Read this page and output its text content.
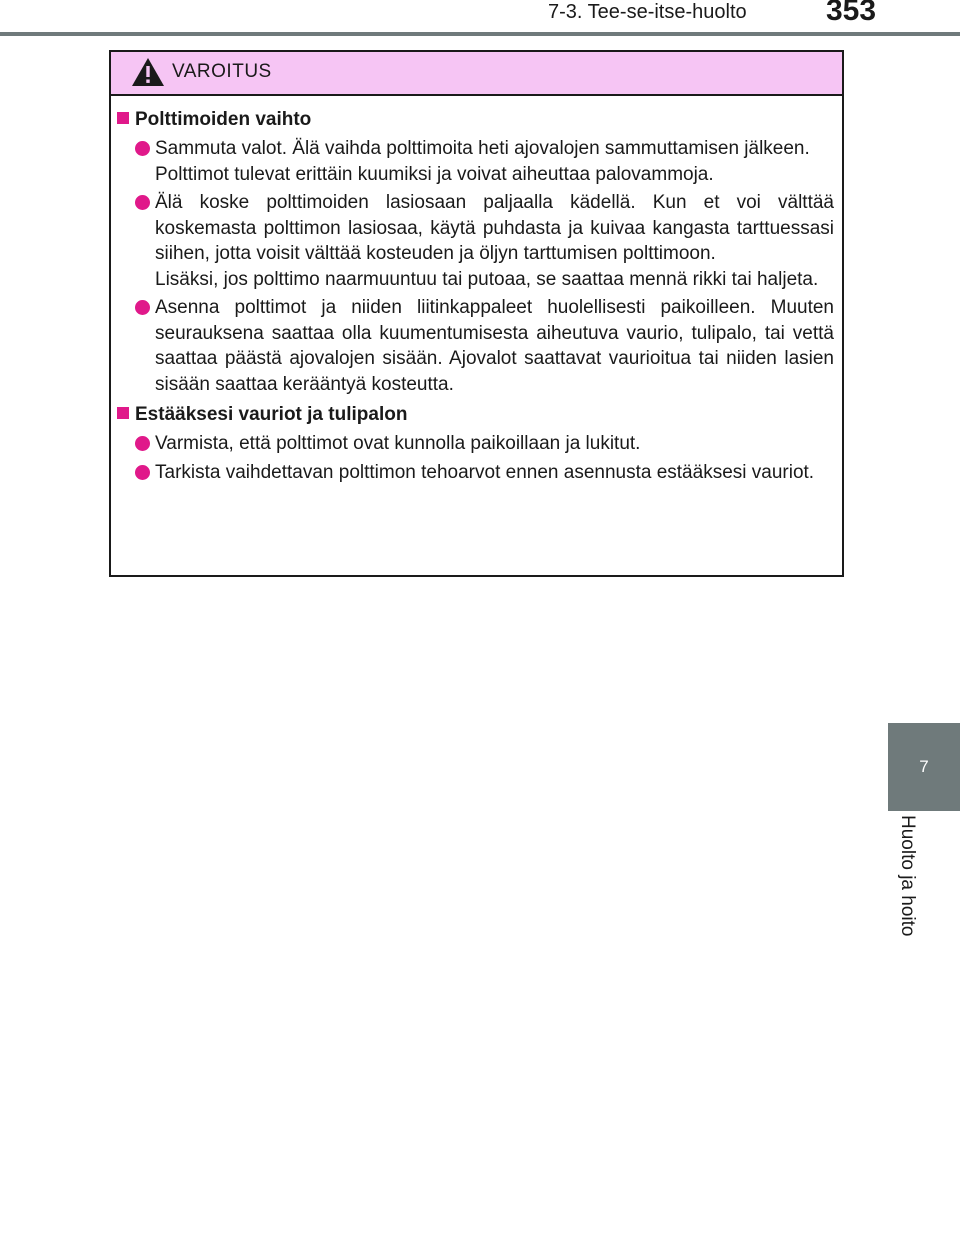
7-3. Tee-se-itse-huolto	353
7
Huolto ja hoito
VAROITUS
Polttimoiden vaihto
Sammuta valot. Älä vaihda polttimoita heti ajovalojen sammuttamisen jälkeen.
Polttimot tulevat erittäin kuumiksi ja voivat aiheuttaa palovammoja.
Älä koske polttimoiden lasiosaan paljaalla kädellä. Kun et voi välttää koskemasta polttimon lasiosaa, käytä puhdasta ja kuivaa kangasta tarttuessasi siihen, jotta voisit välttää kosteuden ja öljyn tarttumisen polttimoon.
Lisäksi, jos polttimo naarmuuntuu tai putoaa, se saattaa mennä rikki tai haljeta.
Asenna polttimot ja niiden liitinkappaleet huolellisesti paikoilleen. Muuten seurauksena saattaa olla kuumentumisesta aiheutuva vaurio, tulipalo, tai vettä saattaa päästä ajovalojen sisään. Ajovalot saattavat vaurioitua tai niiden lasien sisään saattaa kerääntyä kosteutta.
Estääksesi vauriot ja tulipalon
Varmista, että polttimot ovat kunnolla paikoillaan ja lukitut.
Tarkista vaihdettavan polttimon tehoarvot ennen asennusta estääksesi vauriot.
